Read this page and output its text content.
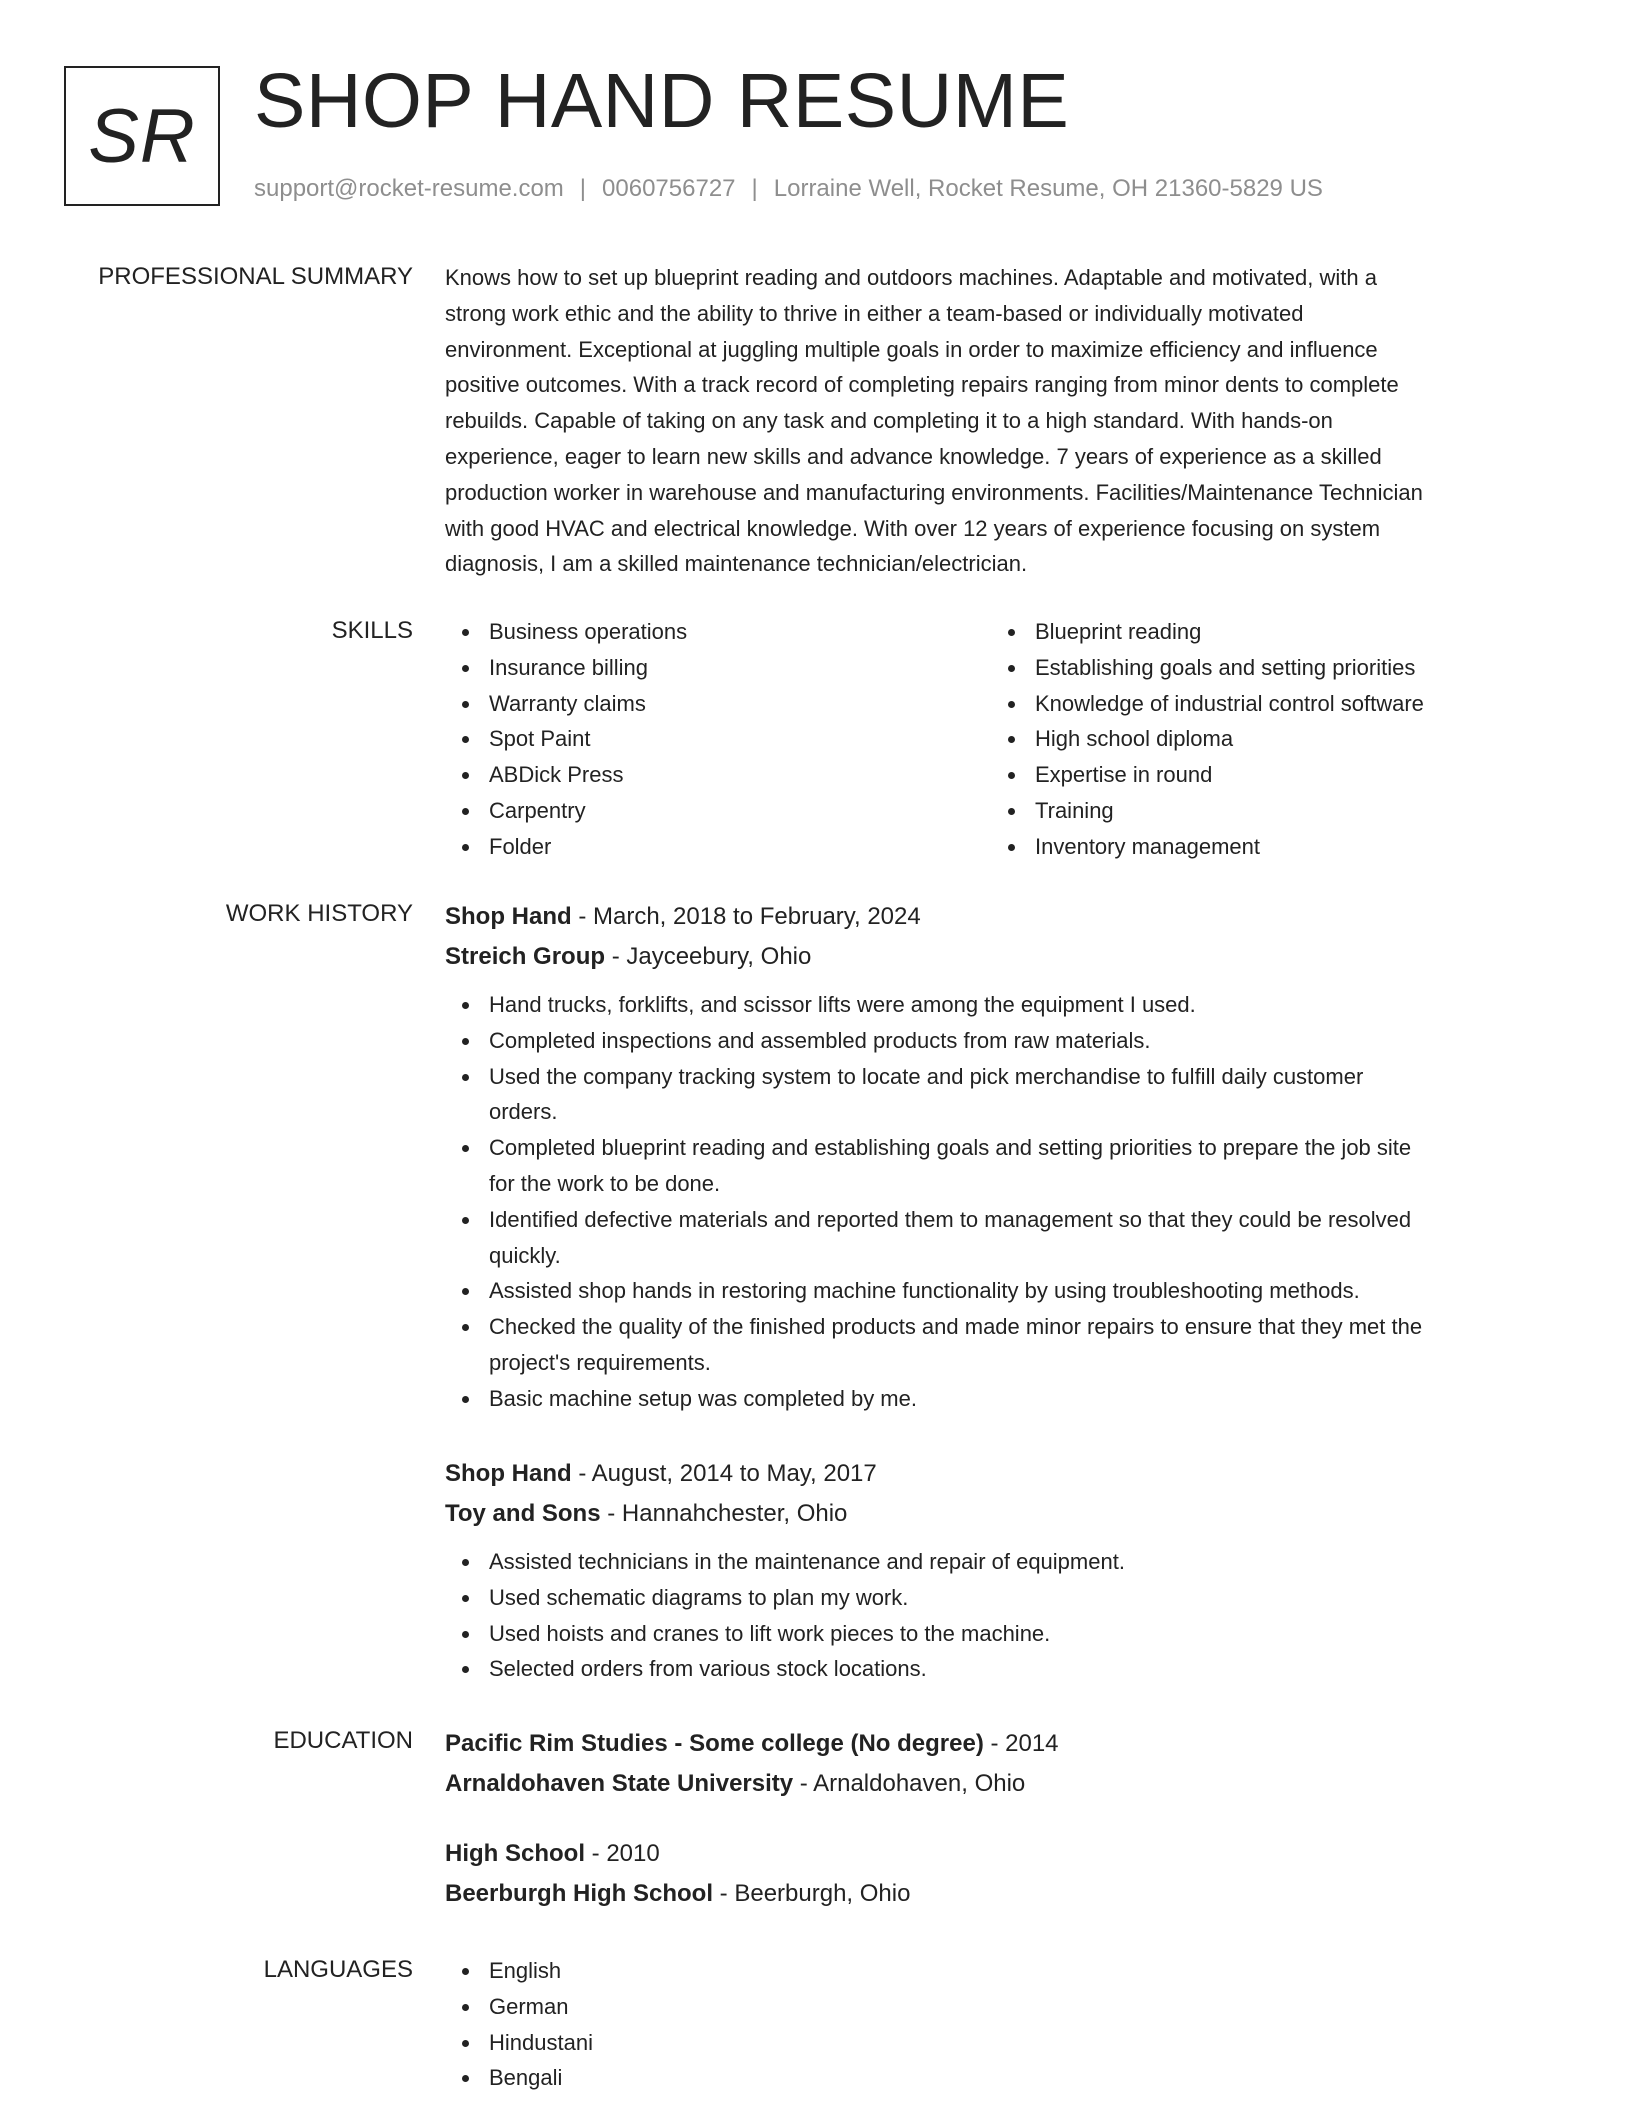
SR SHOP HAND RESUME
support@rocket-resume.com | 0060756727 | Lorraine Well, Rocket Resume, OH 21360-5829 US
PROFESSIONAL SUMMARY Knows how to set up blueprint reading and outdoors machines. Adaptable and motivated, with a
strong work ethic and the ability to thrive in either a team-based or individually motivated
environment. Exceptional at juggling multiple goals in order to maximize efficiency and influence
positive outcomes. With a track record of completing repairs ranging from minor dents to complete
rebuilds. Capable of taking on any task and completing it to a high standard. With hands-on
experience, eager to learn new skills and advance knowledge. 7 years of experience as a skilled
production worker in warehouse and manufacturing environments. Facilities/Maintenance Technician
with good HVAC and electrical knowledge. With over 12 years of experience focusing on system
diagnosis, I am a skilled maintenance technician/electrician.

SKILLS	Business operations
Insurance billing
Warranty claims
Spot Paint
ABDick Press
Carpentry
Folder
Blueprint reading
Establishing goals and setting priorities
Knowledge of industrial control software
High school diploma
Expertise in round
Training
Inventory management
WORK HISTORY Shop Hand - March, 2018 to February, 2024
Streich Group - Jayceebury, Ohio
Hand trucks, forklifts, and scissor lifts were among the equipment I used.
Completed inspections and assembled products from raw materials.
Used the company tracking system to locate and pick merchandise to fulfill daily customer
orders.
Completed blueprint reading and establishing goals and setting priorities to prepare the job site
for the work to be done.
Identified defective materials and reported them to management so that they could be resolved
quickly.
Assisted shop hands in restoring machine functionality by using troubleshooting methods.
Checked the quality of the finished products and made minor repairs to ensure that they met the
project's requirements.
Basic machine setup was completed by me.
Shop Hand - August, 2014 to May, 2017
Toy and Sons - Hannahchester, Ohio
Assisted technicians in the maintenance and repair of equipment.
Used schematic diagrams to plan my work.
Used hoists and cranes to lift work pieces to the machine.
Selected orders from various stock locations.
EDUCATION Pacific Rim Studies - Some college (No degree) - 2014
Arnaldohaven State University - Arnaldohaven, Ohio
High School - 2010
Beerburgh High School - Beerburgh, Ohio
LANGUAGES	English
German
Hindustani
Bengali
